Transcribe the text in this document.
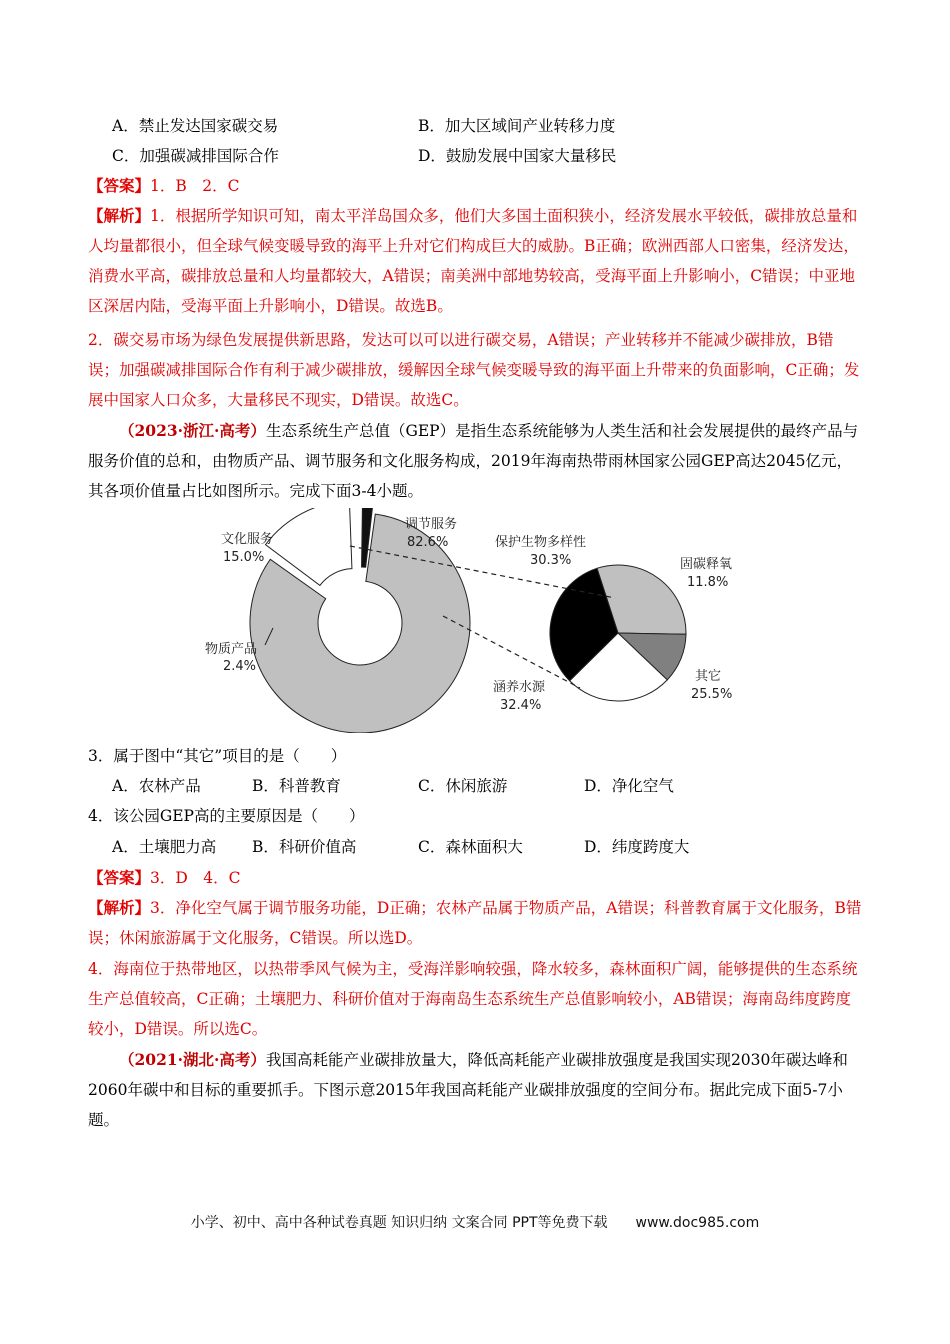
A．禁止发达国家碳交易	B．加大区域间产业转移力度
C．加强碳减排国际合作	D．鼓励发展中国家大量移民
【答案】1．B　2．C
【解析】1．根据所学知识可知，南太平洋岛国众多，他们大多国土面积狭小，经济发展水平较低，碳排放总量和人均量都很小，但全球气候变暖导致的海平上升对它们构成巨大的威胁。B正确；欧洲西部人口密集，经济发达，消费水平高，碳排放总量和人均量都较大，A错误；南美洲中部地势较高，受海平面上升影响小，C错误；中亚地区深居内陆，受海平面上升影响小，D错误。故选B。
2．碳交易市场为绿色发展提供新思路，发达可以可以进行碳交易，A错误；产业转移并不能减少碳排放，B错误；加强碳减排国际合作有利于减少碳排放，缓解因全球气候变暖导致的海平面上升带来的负面影响，C正确；发展中国家人口众多，大量移民不现实，D错误。故选C。
（2023·浙江·高考）生态系统生产总值（GEP）是指生态系统能够为人类生活和社会发展提供的最终产品与服务价值的总和，由物质产品、调节服务和文化服务构成，2019年海南热带雨林国家公园GEP高达2045亿元，其各项价值量占比如图所示。完成下面3-4小题。
文化服务
15.0%
调节服务
82.6%
物质产品
2.4%
保护生物多样性
30.3%	固碳释氧
11.8%
其它
25.5%
涵养水源
32.4%
3．属于图中“其它”项目的是（　　）
A．农林产品	B．科普教育	C．休闲旅游	D．净化空气
4．该公园GEP高的主要原因是（　　）
A．土壤肥力高 B．科研价值高	C．森林面积大	D．纬度跨度大
【答案】3．D　4．C
【解析】3．净化空气属于调节服务功能，D正确；农林产品属于物质产品，A错误；科普教育属于文化服务，B错误；休闲旅游属于文化服务，C错误。所以选D。
4．海南位于热带地区，以热带季风气候为主，受海洋影响较强，降水较多，森林面积广阔，能够提供的生态系统生产总值较高，C正确；土壤肥力、科研价值对于海南岛生态系统生产总值影响较小，AB错误；海南岛纬度跨度较小，D错误。所以选C。
（2021·湖北·高考）我国高耗能产业碳排放量大，降低高耗能产业碳排放强度是我国实现2030年碳达峰和2060年碳中和目标的重要抓手。下图示意2015年我国高耗能产业碳排放强度的空间分布。据此完成下面5-7小题。
小学、初中、高中各种试卷真题 知识归纳 文案合同 PPT等免费下载　　www.doc985.com
